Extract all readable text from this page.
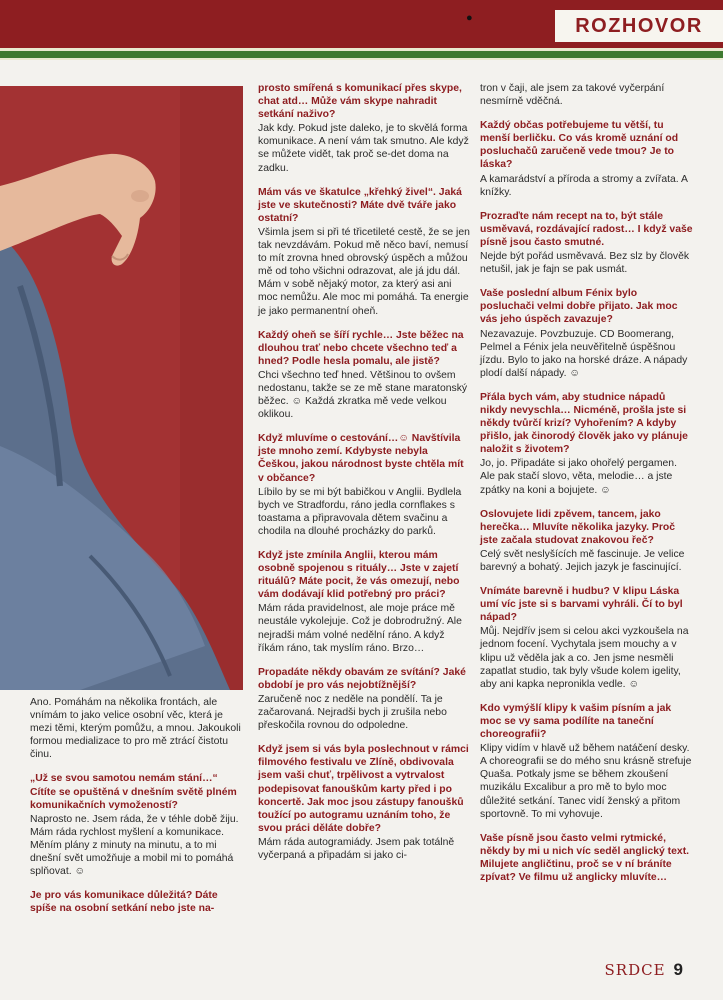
●	ROZHOVOR

Ano. Pomáhám na několika frontách, ale vnímám to jako velice osobní věc, která je mezi těmi, kterým pomůžu, a mnou. Jakoukoli formou medializace to pro mě ztrácí čistotu činu.

„Už se svou samotou nemám stání…“ Cítíte se opuštěná v dnešním světě plném komunikačních vymožeností?
Naprosto ne. Jsem ráda, že v téhle době žiju. Mám ráda rychlost myšlení a komunikace. Měním plány z minuty na minutu, a to mi dnešní svět umožňuje a mobil mi to pomáhá splňovat. ☺

Je pro vás komunikace důležitá? Dáte spíše na osobní setkání nebo jste na-

prosto smířená s komunikací přes skype, chat atd… Může vám skype nahradit setkání naživo?
Jak kdy. Pokud jste daleko, je to skvělá forma komunikace. A není vám tak smutno. Ale když se můžete vidět, tak proč se-det doma na zadku.

Mám vás ve škatulce „křehký živel“. Jaká jste ve skutečnosti? Máte dvě tváře jako ostatní?
Všimla jsem si při té třicetileté cestě, že se jen tak nevzdávám. Pokud mě něco baví, nemusí to mít zrovna hned obrovský úspěch a můžou mě od toho všichni odrazovat, ale já jdu dál. Mám v sobě nějaký motor, za který asi ani moc nemůžu. Ale moc mi pomáhá. Ta energie je jako permanentní oheň.

Každý oheň se šíří rychle… Jste běžec na dlouhou trať nebo chcete všechno teď a hned? Podle hesla pomalu, ale jistě?
Chci všechno teď hned. Většinou to ovšem nedostanu, takže se ze mě stane maratonský běžec. ☺ Každá zkratka mě vede velkou oklikou.

Když mluvíme o cestování…☺ Navštívila jste mnoho zemí. Kdybyste nebyla Češkou, jakou národnost byste chtěla mít v občance?
Líbilo by se mi být babičkou v Anglii. Bydlela bych ve Stradfordu, ráno jedla cornflakes s toastama a připravovala dětem svačinu a chodila na dlouhé procházky do parků.

Když jste zmínila Anglii, kterou mám osobně spojenou s rituály… Jste v zajetí rituálů? Máte pocit, že vás omezují, nebo vám dodávají klid potřebný pro práci?
Mám ráda pravidelnost, ale moje práce mě neustále vykolejuje. Což je dobrodružný. Ale nejradši mám volné nedělní ráno. A když říkám ráno, tak myslím ráno. Brzo…

Propadáte někdy obavám ze svítání? Jaké období je pro vás nejobtížnější?
Zaručeně noc z neděle na pondělí. Ta je začarovaná. Nejradši bych ji zrušila nebo přeskočila rovnou do odpoledne.

Když jsem si vás byla poslechnout v rámci filmového festivalu ve Zlíně, obdivovala jsem vaši chuť, trpělivost a vytrvalost podepisovat fanouškům karty před i po koncertě. Jak moc jsou zástupy fanoušků toužící po autogramu uznáním toho, že svou práci děláte dobře?
Mám ráda autogramiády. Jsem pak totálně vyčerpaná a připadám si jako ci-

tron v čaji, ale jsem za takové vyčerpání nesmírně vděčná.

Každý občas potřebujeme tu větší, tu menší berličku. Co vás kromě uznání od posluchačů zaručeně vede tmou? Je to láska?
A kamarádství a příroda a stromy a zvířata. A knížky.

Prozraďte nám recept na to, být stále usměvavá, rozdávající radost… I když vaše písně jsou často smutné.
Nejde být pořád usměvavá. Bez slz by člověk netušil, jak je fajn se pak usmát.

Vaše poslední album Fénix bylo posluchači velmi dobře přijato. Jak moc vás jeho úspěch zavazuje?
Nezavazuje. Povzbuzuje. CD Boomerang, Pelmel a Fénix jela neuvěřitelně úspěšnou jízdu. Bylo to jako na horské dráze. A nápady plodí další nápady. ☺

Přála bych vám, aby studnice nápadů nikdy nevyschla… Nicméně, prošla jste si někdy tvůrčí krizí? Vyhořením? A kdyby přišlo, jak činorodý člověk jako vy plánuje naložit s životem?
Jo, jo. Připadáte si jako ohořelý pergamen. Ale pak stačí slovo, věta, melodie… a jste zpátky na koni a bojujete. ☺

Oslovujete lidi zpěvem, tancem, jako herečka… Mluvíte několika jazyky. Proč jste začala studovat znakovou řeč?
Celý svět neslyšících mě fascinuje. Je velice barevný a bohatý. Jejich jazyk je fascinující.

Vnímáte barevně i hudbu? V klipu Láska umí víc jste si s barvami vyhráli. Čí to byl nápad?
Můj. Nejdřív jsem si celou akci vyzkoušela na jednom focení. Vychytala jsem mouchy a v klipu už věděla jak a co. Jen jsme nesměli zapatlat studio, tak byly všude kolem igelity, aby ani kapka nepronikla vedle. ☺

Kdo vymýšlí klipy k vašim písním a jak moc se vy sama podílíte na taneční choreografii?
Klipy vidím v hlavě už během natáčení desky. A choreografii se do mého snu krásně strefuje Quaša. Potkaly jsme se během zkoušení muzikálu Excalibur a pro mě to bylo moc důležité setkání. Tanec vidí ženský a přitom sportovně. To mi vyhovuje.

Vaše písně jsou často velmi rytmické, někdy by mi u nich víc seděl anglický text. Milujete angličtinu, proč se v ní bráníte zpívat? Ve filmu už anglicky mluvíte…

SRDCE 9
